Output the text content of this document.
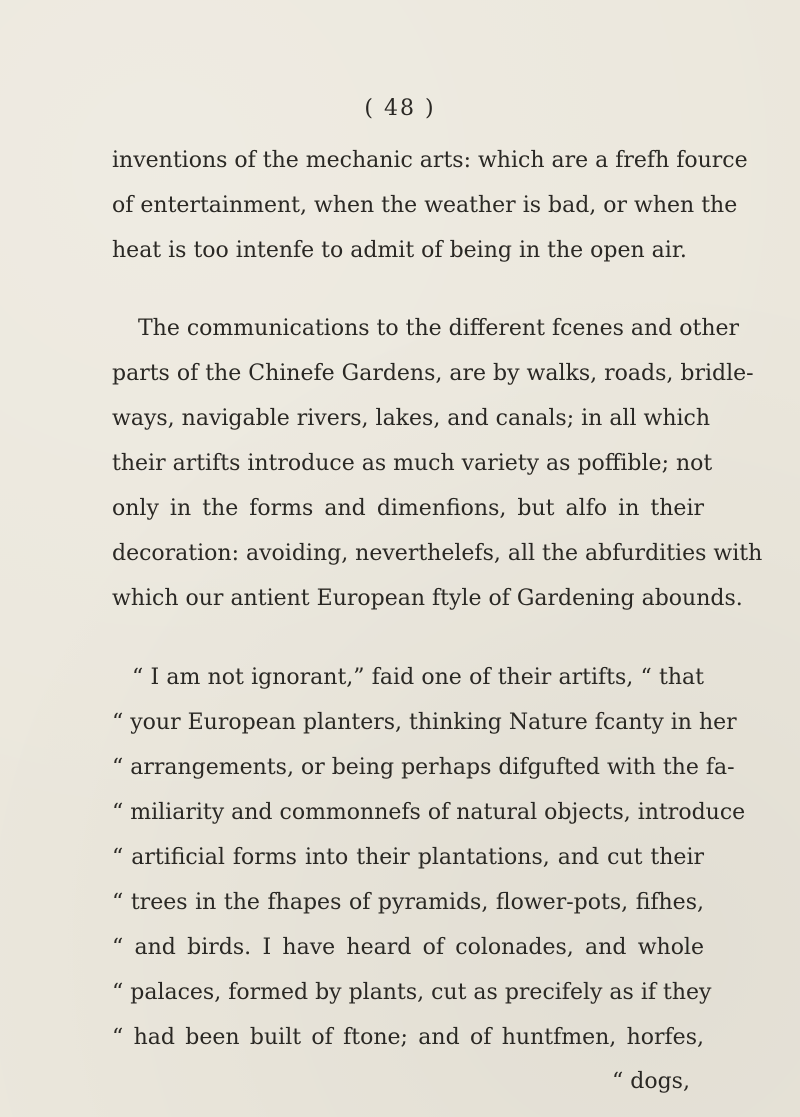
( 48 )
inventions of the mechanic arts: which are a frefh fource
of entertainment, when the weather is bad, or when the
heat is too intenfe to admit of being in the open air.
The communications to the different fcenes and other
parts of the Chinefe Gardens, are by walks, roads, bridle-
ways, navigable rivers, lakes, and canals; in all which
their artifts introduce as much variety as poffible; not
only in the forms and dimenfions, but alfo in their
decoration: avoiding, neverthelefs, all the abfurdities with
which our antient European ftyle of Gardening abounds.
“ I am not ignorant,” faid one of their artifts, “ that
“ your European planters, thinking Nature fcanty in her
“ arrangements, or being perhaps difgufted with the fa-
“ miliarity and commonnefs of natural objects, introduce
“ artificial forms into their plantations, and cut their
“ trees in the fhapes of pyramids, flower-pots, fifhes,
“ and birds. I have heard of colonades, and whole
“ palaces, formed by plants, cut as precifely as if they
“ had been built of ftone; and of huntfmen, horfes,
“ dogs,
